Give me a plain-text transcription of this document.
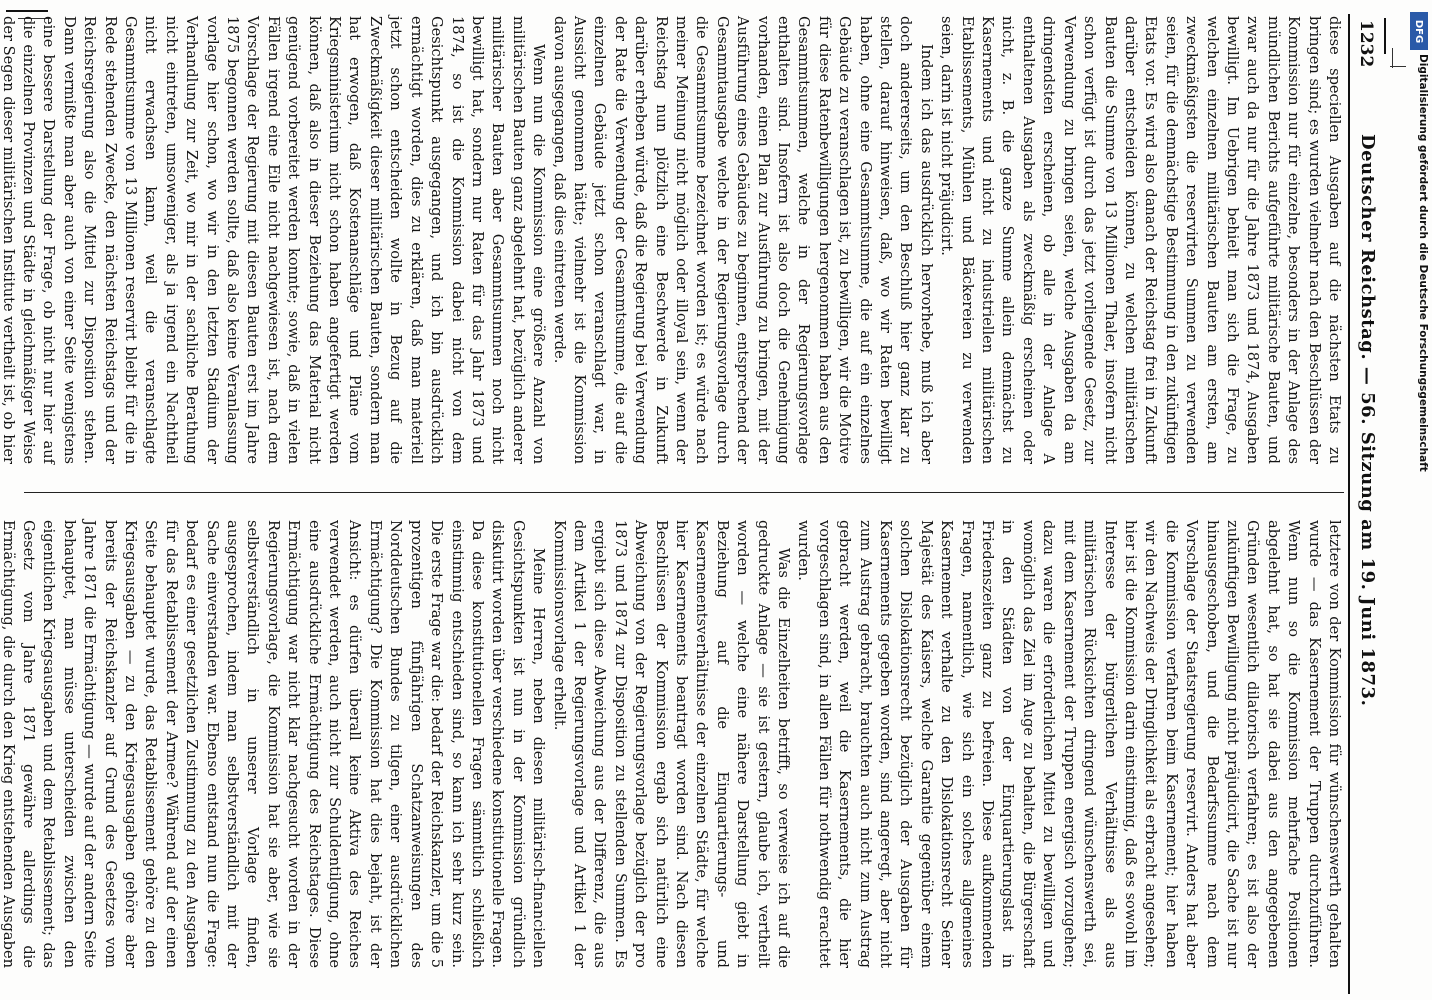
1232
Deutscher Reichstag. — 56. Sitzung am 19. Juni 1873.

diese speciellen Ausgaben auf die nächsten Etats zu bringen sind; es wurden vielmehr nach den Beschlüssen der Kommission nur für einzelne, besonders in der Anlage des mündlichen Berichts aufgeführte militärische Bauten, und zwar auch da nur für die Jahre 1873 und 1874, Ausgaben bewilligt. Im Uebrigen behielt man sich die Frage, zu welchen einzelnen militärischen Bauten am ersten, am zweckmäßigsten die reservirten Summen zu verwenden seien, für die demnächstige Bestimmung in den zukünftigen Etats vor. Es wird also danach der Reichstag frei in Zukunft darüber entscheiden können, zu welchen militärischen Bauten die Summe von 13 Millionen Thaler, insofern nicht schon verfügt ist durch das jetzt vorliegende Gesetz, zur Verwendung zu bringen seien, welche Ausgaben da am dringendsten erscheinen, ob alle in der Anlage A enthaltenen Ausgaben als zweckmäßig erscheinen oder nicht, z. B. die ganze Summe allein demnächst zu Kasernements und nicht zu industriellen militärischen Etablissements, Mühlen und Bäckereien zu verwenden seien, darin ist nicht präjudicirt.

Indem ich das ausdrücklich hervorhebe, muß ich aber doch andererseits, um den Beschluß hier ganz klar zu stellen, darauf hinweisen, daß, wo wir Raten bewilligt haben, ohne eine Gesammtsumme, die auf ein einzelnes Gebäude zu veranschlagen ist, zu bewilligen, wir die Motive für diese Ratenbewilligungen hergenommen haben aus den Gesammtsummen, welche in der Regierungsvorlage enthalten sind. Insofern ist also doch die Genehmigung vorhanden, einen Plan zur Ausführung zu bringen, mit der Ausführung eines Gebäudes zu beginnen, entsprechend der Gesammtausgabe welche in der Regierungsvorlage durch die Gesammtsumme bezeichnet worden ist; es würde nach meiner Meinung nicht möglich oder illoyal sein, wenn der Reichstag nun plötzlich eine Beschwerde in Zukunft darüber erheben würde, daß die Regierung bei Verwendung der Rate die Verwendung der Gesammtsumme, die auf die einzelnen Gebäude jetzt schon veranschlagt war, in Aussicht genommen hätte; vielmehr ist die Kommission davon ausgegangen, daß dies eintreten werde.

Wenn nun die Kommission eine größere Anzahl von militärischen Bauten ganz abgelehnt hat, bezüglich anderer militärischer Bauten aber Gesammtsummen noch nicht bewilligt hat, sondern nur Raten für das Jahr 1873 und 1874, so ist die Kommission dabei nicht von dem Gesichtspunkt ausgegangen, und ich bin ausdrücklich ermächtigt worden, dies zu erklären, daß man materiell jetzt schon entscheiden wollte in Bezug auf die Zweckmäßigkeit dieser militärischen Bauten, sondern man hat erwogen, daß Kostenanschläge und Pläne vom Kriegsministerium nicht schon haben angefertigt werden können, daß also in dieser Beziehung das Material nicht genügend vorbereitet werden konnte; sowie, daß in vielen Fällen irgend eine Eile nicht nachgewiesen ist, nach dem Vorschlage der Regierung mit diesen Bauten erst im Jahre 1875 begonnen werden sollte, daß also keine Veranlassung vorlage hier schon, wo wir in den letzten Stadium der Verhandlung zur Zeit, wo mir in der sachliche Berathung nicht eintreten, umsoweniger, als ja irgend ein Nachtheil nicht erwachsen kann, weil die veranschlagte Gesammtsumme von 13 Millionen reservirt bleibt für die in Rede stehenden Zwecke, den nächsten Reichstags und der Reichsregierung also die Mittel zur Disposition stehen. Dann vermißte man aber auch von einer Seite wenigstens eine bessere Darstellung der Frage, ob nicht nur hier auf die einzelnen Provinzen und Städte in gleichmäßiger Weise der Segen dieser militärischen Institute vertheilt ist, ob hier

letztere von der Kommission für wünschenswerth gehalten wurde — das Kasernement der Truppen durchzuführen. Wenn nun so die Kommission mehrfache Positionen abgelehnt hat, so hat sie dabei aus den angegebenen Gründen wesentlich dilatorisch verfahren; es ist also der zukünftigen Bewilligung nicht präjudicirt, die Sache ist nur hinausgeschoben, und die Bedarfssumme nach dem Vorschlage der Staatsregierung reservirt. Anders hat aber die Kommission verfahren beim Kasernement; hier haben wir den Nachweis der Dringlichkeit als erbracht angesehen; hier ist die Kommission darin einstimmig, daß es sowohl im Interesse der bürgerlichen Verhältnisse als aus militärischen Rücksichten dringend wünschenswerth sei, mit dem Kasernement der Truppen energisch vorzugehen; dazu waren die erforderlichen Mittel zu bewilligen und womöglich das Ziel im Auge zu behalten, die Bürgerschaft in den Städten von der Einquartierungslast in Friedenszeiten ganz zu befreien. Diese aufkommenden Fragen, namentlich, wie sich ein solches allgemeines Kasernement verhalte zu den Dislokationsrecht Seiner Majestät des Kaisers, welche Garantie gegenüber einem solchen Dislokationsrecht bezüglich der Ausgaben für Kasernements gegeben worden, sind angeregt, aber nicht zum Austrag gebracht, brauchten auch nicht zum Austrag gebracht werden, weil die Kasernements, die hier vorgeschlagen sind, in allen Fällen für nothwendig erachtet wurden.

Was die Einzelheiten betrifft, so verweise ich auf die gedruckte Anlage — sie ist gestern, glaube ich, vertheilt worden — welche eine nähere Darstellung giebt in Beziehung auf die Einquartierungs- und Kasernementsverhältnisse der einzelnen Städte, für welche hier Kasernements beantragt worden sind. Nach diesen Beschlüssen der Kommission ergab sich natürlich eine Abweichung von der Regierungsvorlage bezüglich der pro 1873 und 1874 zur Disposition zu stellenden Summen. Es ergiebt sich diese Abweichung aus der Differenz, die aus dem Artikel 1 der Regierungsvorlage und Artikel 1 der Kommissionsvorlage erhellt.

Meine Herren, neben diesen militärisch-financiellen Gesichtspunkten ist nun in der Kommission gründlich diskutirt worden über verschiedene konstitutionelle Fragen. Da diese konstitutionellen Fragen sämmtlich schließlich einstimmig entschieden sind, so kann ich sehr kurz sein. Die erste Frage war die: bedarf der Reichskanzler, um die 5 prozentigen fünfjährigen Schatzanweisungen des Norddeutschen Bundes zu tilgen, einer ausdrücklichen Ermächtigung? Die Kommission hat dies bejaht, ist der Ansicht: es dürfen überall keine Aktiva des Reiches verwendet werden, auch nicht zur Schuldentilgung, ohne eine ausdrückliche Ermächtigung des Reichstages. Diese Ermächtigung war nicht klar nachgesucht worden in der Regierungsvorlage, die Kommission hat sie aber, wie sie selbstverständlich in unserer Vorlage finden, ausgesprochen, indem man selbstverständlich mit der Sache einverstanden war. Ebenso entstand nun die Frage: bedarf es einer gesetzlichen Zustimmung zu den Ausgaben für das Retablissement der Armee? Während auf der einen Seite behauptet wurde, das Retablissement gehöre zu den Kriegsausgaben — zu den Kriegsausgaben gehöre aber bereits der Reichskanzler auf Grund des Gesetzes vom Jahre 1871 die Ermächtigung — wurde auf der andern Seite behauptet, man müsse unterscheiden zwischen den eigentlichen Kriegsausgaben und dem Retablissement; das Gesetz vom Jahre 1871 gewähre allerdings die Ermächtigung, die durch den Krieg entstehenden Ausgaben

DFG
Digitalisierung gefördert durch die Deutsche Forschungsgemeinschaft
